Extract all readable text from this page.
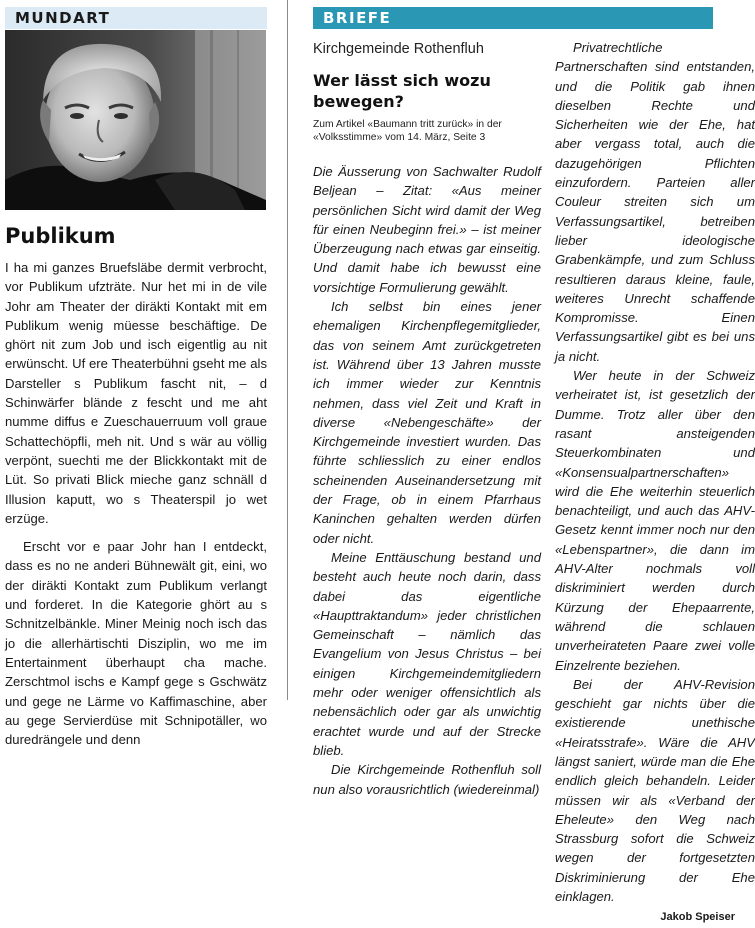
MUNDART
Publikum

I ha mi ganzes Bruefsläbe dermit verbrocht, vor Publikum ufzträte. Nur het mi in de vile Johr am Theater der diräkti Kontakt mit em Publikum wenig müesse beschäftige. De ghört nit zum Job und isch eigentlig au nit erwünscht. Uf ere Theaterbühni gseht me als Darsteller s Publikum fascht nit, – d Schinwärfer blände z fescht und me aht numme diffus e Zueschauerruum voll graue Schattechöpfli, meh nit. Und s wär au völlig verpönt, suechti me der Blickkontakt mit de Lüt. So privati Blick mieche ganz schnäll d Illusion kaputt, wo s Theaterspil jo wet erzüge.

Erscht vor e paar Johr han I entdeckt, dass es no ne anderi Bühnewält git, eini, wo der diräkti Kontakt zum Publikum verlangt und forderet. In die Kategorie ghört au s Schnitzelbänkle. Miner Meinig noch isch das jo die allerhärtischti Disziplin, wo me im Entertainment überhaupt cha mache. Zerschtmol ischs e Kampf gege s Gschwätz und gege ne Lärme vo Kaffimaschine, aber au gege Servierdüse mit Schnipotäller, wo duredrängele und denn

BRIEFE

Kirchgemeinde Rothenfluh

Wer lässt sich wozu bewegen?

Zum Artikel «Baumann tritt zurück» in der «Volksstimme» vom 14. März, Seite 3

Die Äusserung von Sachwalter Rudolf Beljean – Zitat: «Aus meiner persönlichen Sicht wird damit der Weg für einen Neubeginn frei.» – ist meiner Überzeugung nach etwas gar einseitig. Und damit habe ich bewusst eine vorsichtige Formulierung gewählt.

Ich selbst bin eines jener ehemaligen Kirchenpflegemitglieder, das von seinem Amt zurückgetreten ist. Während über 13 Jahren musste ich immer wieder zur Kenntnis nehmen, dass viel Zeit und Kraft in diverse «Nebengeschäfte» der Kirchgemeinde investiert wurden. Das führte schliesslich zu einer endlos scheinenden Auseinandersetzung mit der Frage, ob in einem Pfarrhaus Kaninchen gehalten werden dürfen oder nicht.

Meine Enttäuschung bestand und besteht auch heute noch darin, dass dabei das eigentliche «Haupttraktandum» jeder christlichen Gemeinschaft – nämlich das Evangelium von Jesus Christus – bei einigen Kirchgemeindemitgliedern mehr oder weniger offensichtlich als nebensächlich oder gar als unwichtig erachtet wurde und auf der Strecke blieb.

Die Kirchgemeinde Rothenfluh soll nun also vorausrichtlich (wiedereinmal)

Privatrechtliche Partnerschaften sind entstanden, und die Politik gab ihnen dieselben Rechte und Sicherheiten wie der Ehe, hat aber vergass total, auch die dazugehörigen Pflichten einzufordern. Parteien aller Couleur streiten sich um Verfassungsartikel, betreiben lieber ideologische Grabenkämpfe, und zum Schluss resultieren daraus kleine, faule, weiteres Unrecht schaffende Kompromisse. Einen Verfassungsartikel gibt es bei uns ja nicht.

Wer heute in der Schweiz verheiratet ist, ist gesetzlich der Dumme. Trotz aller über den rasant ansteigenden Steuerkombinaten und «Konsensualpartnerschaften» wird die Ehe weiterhin steuerlich benachteiligt, und auch das AHV-Gesetz kennt immer noch nur den «Lebenspartner», die dann im AHV-Alter nochmals voll diskriminiert werden durch Kürzung der Ehepaarrente, während die schlauen unverheirateten Paare zwei volle Einzelrente beziehen.

Bei der AHV-Revision geschieht gar nichts über die existierende unethische «Heiratsstrafe». Wäre die AHV längst saniert, würde man die Ehe endlich gleich behandeln. Leider müssen wir als «Verband der Eheleute» den Weg nach Strassburg sofort die Schweiz wegen der fortgesetzten Diskriminierung der Ehe einklagen.

Jakob Speiser
